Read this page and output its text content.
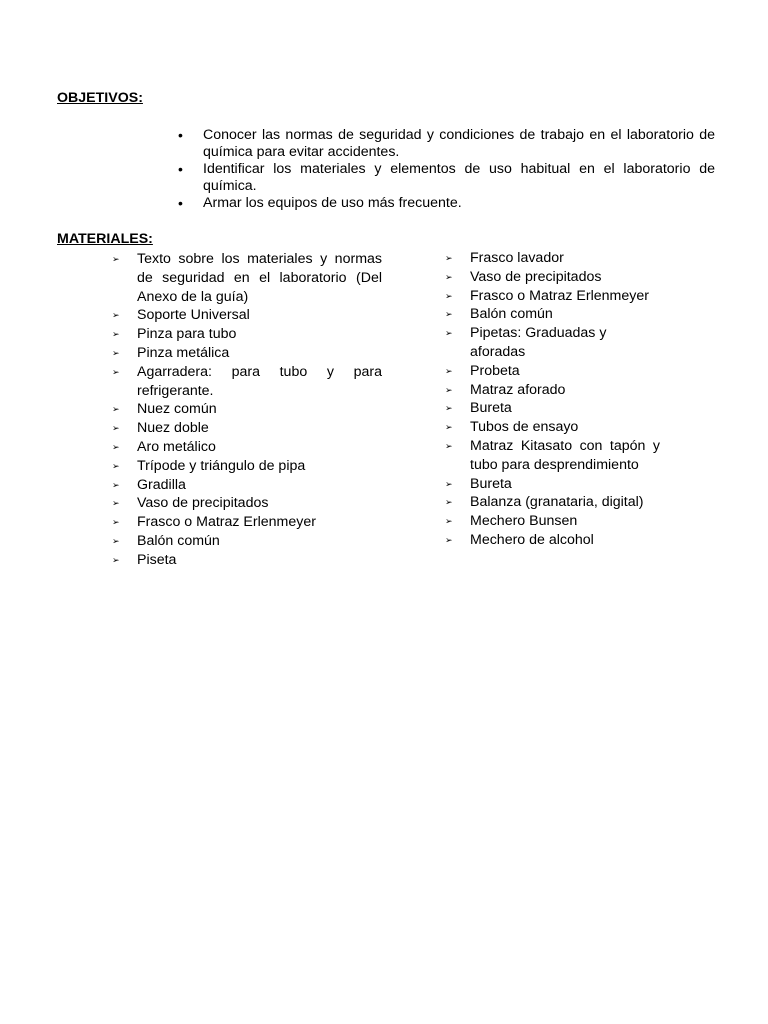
OBJETIVOS:
• Conocer las normas de seguridad y condiciones de trabajo en el laboratorio de química para evitar accidentes.
• Identificar los materiales y elementos de uso habitual en el laboratorio de química.
• Armar los equipos de uso más frecuente.
MATERIALES:
➢ Texto sobre los materiales y normas de seguridad en el laboratorio (Del Anexo de la guía)
➢ Soporte Universal
➢ Pinza para tubo
➢ Pinza metálica
➢ Agarradera: para tubo y para refrigerante.
➢ Nuez común
➢ Nuez doble
➢ Aro metálico
➢ Trípode y triángulo de pipa
➢ Gradilla
➢ Vaso de precipitados
➢ Frasco o Matraz Erlenmeyer
➢ Balón común
➢ Piseta
➢ Frasco lavador
➢ Vaso de precipitados
➢ Frasco o Matraz Erlenmeyer
➢ Balón común
➢ Pipetas: Graduadas y aforadas
➢ Probeta
➢ Matraz aforado
➢ Bureta
➢ Tubos de ensayo
➢ Matraz Kitasato con tapón y tubo para desprendimiento
➢ Bureta
➢ Balanza (granataria, digital)
➢ Mechero Bunsen
➢ Mechero de alcohol
